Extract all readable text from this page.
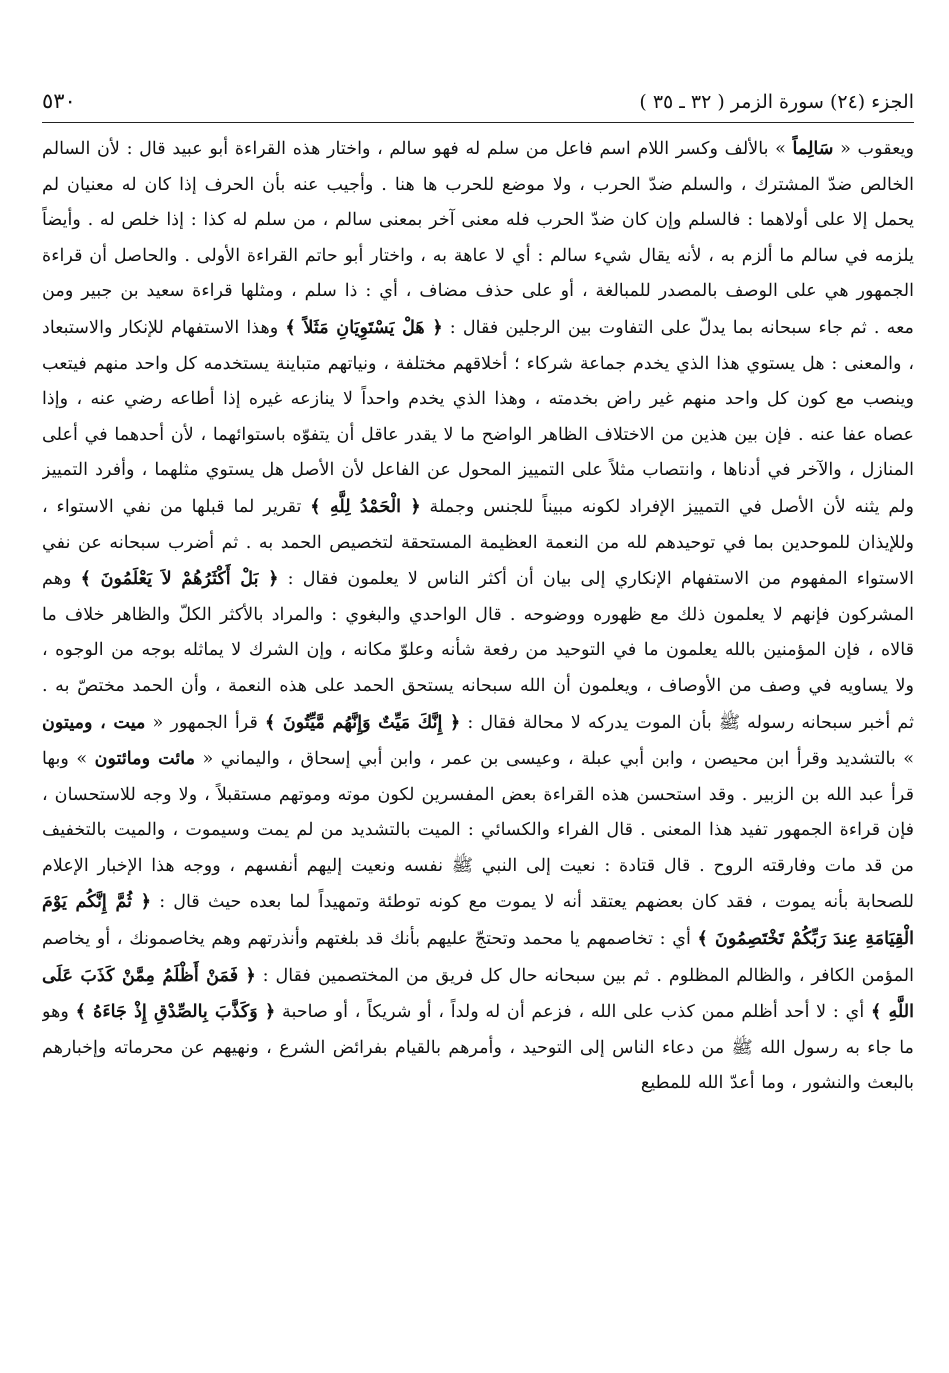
الجزء (٢٤) سورة الزمر ( ٣٢ ـ ٣٥ )
٥٣٠

ويعقوب « سَالِماً » بالألف وكسر اللام اسم فاعل من سلم له فهو سالم ، واختار هذه القراءة أبو عبيد قال : لأن السالم الخالص ضدّ المشترك ، والسلم ضدّ الحرب ، ولا موضع للحرب ها هنا . وأجيب عنه بأن الحرف إذا كان له معنيان لم يحمل إلا على أولاهما : فالسلم وإن كان ضدّ الحرب فله معنى آخر بمعنى سالم ، من سلم له كذا : إذا خلص له . وأيضاً يلزمه في سالم ما ألزم به ، لأنه يقال شيء سالم : أي لا عاهة به ، واختار أبو حاتم القراءة الأولى . والحاصل أن قراءة الجمهور هي على الوصف بالمصدر للمبالغة ، أو على حذف مضاف ، أي : ذا سلم ، ومثلها قراءة سعيد بن جبير ومن معه . ثم جاء سبحانه بما يدلّ على التفاوت بين الرجلين فقال : ﴿ هَلْ يَسْتَوِيَانِ مَثَلاً ﴾ وهذا الاستفهام للإنكار والاستبعاد ، والمعنى : هل يستوي هذا الذي يخدم جماعة شركاء ؛ أخلاقهم مختلفة ، ونياتهم متباينة يستخدمه كل واحد منهم فيتعب وينصب مع كون كل واحد منهم غير راض بخدمته ، وهذا الذي يخدم واحداً لا ينازعه غيره إذا أطاعه رضي عنه ، وإذا عصاه عفا عنه . فإن بين هذين من الاختلاف الظاهر الواضح ما لا يقدر عاقل أن يتفوّه باستوائهما ، لأن أحدهما في أعلى المنازل ، والآخر في أدناها ، وانتصاب مثلاً على التمييز المحول عن الفاعل لأن الأصل هل يستوي مثلهما ، وأفرد التمييز ولم يثنه لأن الأصل في التمييز الإفراد لكونه مبيناً للجنس وجملة ﴿ الْحَمْدُ لِلَّهِ ﴾ تقرير لما قبلها من نفي الاستواء ، وللإيذان للموحدين بما في توحيدهم لله من النعمة العظيمة المستحقة لتخصيص الحمد به . ثم أضرب سبحانه عن نفي الاستواء المفهوم من الاستفهام الإنكاري إلى بيان أن أكثر الناس لا يعلمون فقال : ﴿ بَلْ أَكْثَرُهُمْ لاَ يَعْلَمُونَ ﴾ وهم المشركون فإنهم لا يعلمون ذلك مع ظهوره ووضوحه . قال الواحدي والبغوي : والمراد بالأكثر الكلّ والظاهر خلاف ما قالاه ، فإن المؤمنين بالله يعلمون ما في التوحيد من رفعة شأنه وعلوّ مكانه ، وإن الشرك لا يماثله بوجه من الوجوه ، ولا يساويه في وصف من الأوصاف ، ويعلمون أن الله سبحانه يستحق الحمد على هذه النعمة ، وأن الحمد مختصّ به . ثم أخبر سبحانه رسوله ﷺ بأن الموت يدركه لا محالة فقال : ﴿ إِنَّكَ مَيِّتٌ وَإِنَّهُم مَّيِّتُونَ ﴾ قرأ الجمهور « ميت ، وميتون » بالتشديد وقرأ ابن محيصن ، وابن أبي عبلة ، وعيسى بن عمر ، وابن أبي إسحاق ، واليماني « مائت ومائتون » وبها قرأ عبد الله بن الزبير . وقد استحسن هذه القراءة بعض المفسرين لكون موته وموتهم مستقبلاً ، ولا وجه للاستحسان ، فإن قراءة الجمهور تفيد هذا المعنى . قال الفراء والكسائي : الميت بالتشديد من لم يمت وسيموت ، والميت بالتخفيف من قد مات وفارقته الروح . قال قتادة : نعيت إلى النبي ﷺ نفسه ونعيت إليهم أنفسهم ، ووجه هذا الإخبار الإعلام للصحابة بأنه يموت ، فقد كان بعضهم يعتقد أنه لا يموت مع كونه توطئة وتمهيداً لما بعده حيث قال : ﴿ ثُمَّ إِنَّكُم يَوْمَ الْقِيَامَةِ عِندَ رَبِّكُمْ تَخْتَصِمُونَ ﴾ أي : تخاصمهم يا محمد وتحتجّ عليهم بأنك قد بلغتهم وأنذرتهم وهم يخاصمونك ، أو يخاصم المؤمن الكافر ، والظالم المظلوم . ثم بين سبحانه حال كل فريق من المختصمين فقال : ﴿ فَمَنْ أَظْلَمُ مِمَّنْ كَذَبَ عَلَى اللَّهِ ﴾ أي : لا أحد أظلم ممن كذب على الله ، فزعم أن له ولداً ، أو شريكاً ، أو صاحبة ﴿ وَكَذَّبَ بِالصِّدْقِ إِذْ جَاءَهُ ﴾ وهو ما جاء به رسول الله ﷺ من دعاء الناس إلى التوحيد ، وأمرهم بالقيام بفرائض الشرع ، ونهيهم عن محرماته وإخبارهم بالبعث والنشور ، وما أعدّ الله للمطيع
